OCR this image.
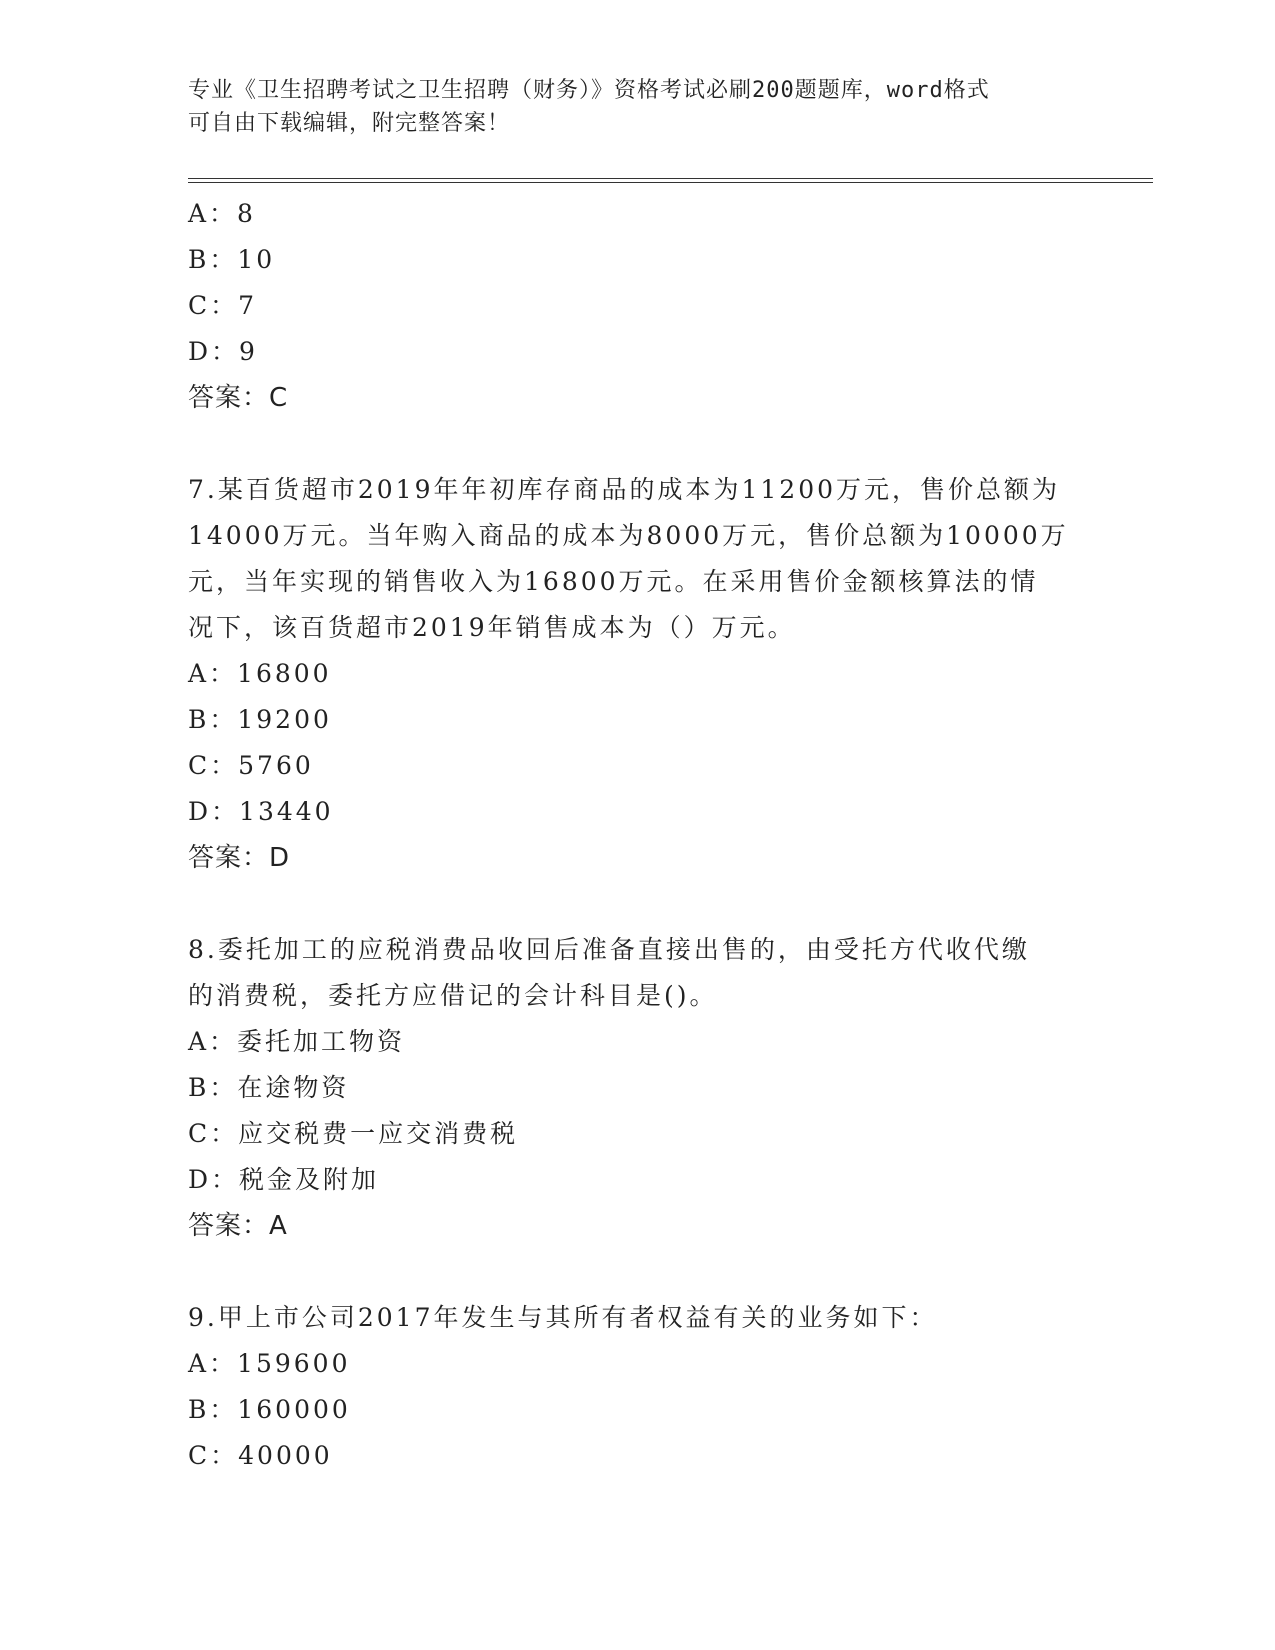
专业《卫生招聘考试之卫生招聘（财务）》资格考试必刷200题题库，word格式
可自由下载编辑，附完整答案！
A：8
B：10
C：7
D：9
答案：C
7.某百货超市2019年年初库存商品的成本为11200万元，售价总额为
14000万元。当年购入商品的成本为8000万元，售价总额为10000万
元，当年实现的销售收入为16800万元。在采用售价金额核算法的情
况下，该百货超市2019年销售成本为（）万元。
A：16800
B：19200
C：5760
D：13440
答案：D
8.委托加工的应税消费品收回后准备直接出售的，由受托方代收代缴
的消费税，委托方应借记的会计科目是()。
A：委托加工物资
B：在途物资
C：应交税费一应交消费税
D：税金及附加
答案：A
9.甲上市公司2017年发生与其所有者权益有关的业务如下：
A：159600
B：160000
C：40000
